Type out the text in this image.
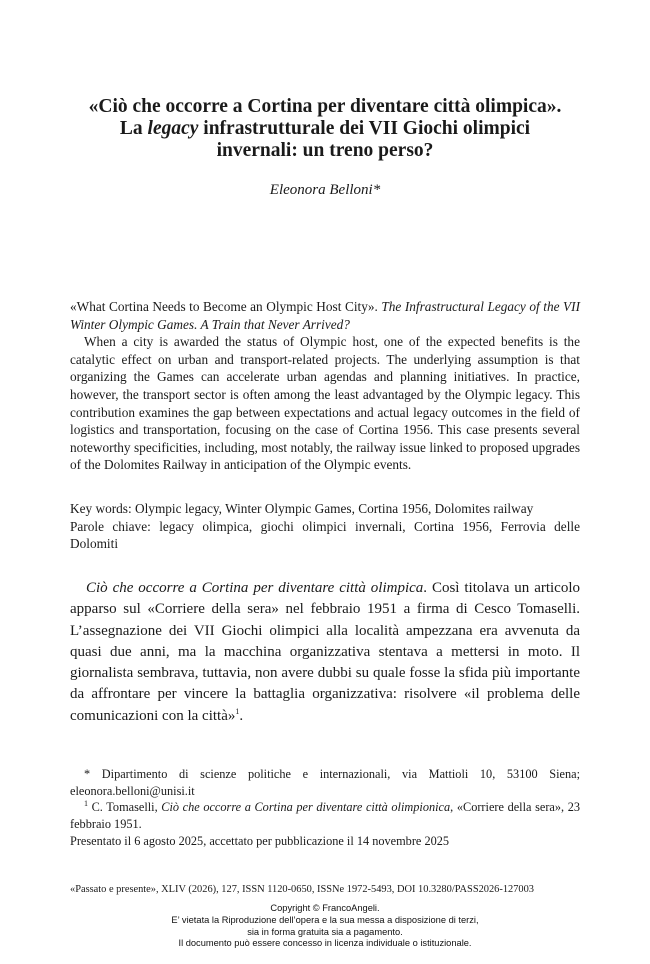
«Ciò che occorre a Cortina per diventare città olimpica».
La legacy infrastrutturale dei VII Giochi olimpici
invernali: un treno perso?
Eleonora Belloni*

«What Cortina Needs to Become an Olympic Host City». The Infrastructural Legacy of the VII Winter Olympic Games. A Train that Never Arrived?

When a city is awarded the status of Olympic host, one of the expected benefits is the catalytic effect on urban and transport-related projects. The underlying assumption is that organizing the Games can accelerate urban agendas and planning initiatives. In practice, however, the transport sector is often among the least advantaged by the Olympic legacy. This contribution examines the gap between expectations and actual legacy outcomes in the field of logistics and transportation, focusing on the case of Cortina 1956. This case presents several noteworthy specificities, including, most notably, the railway issue linked to proposed upgrades of the Dolomites Railway in anticipation of the Olympic events.

Key words: Olympic legacy, Winter Olympic Games, Cortina 1956, Dolomites railway

Parole chiave: legacy olimpica, giochi olimpici invernali, Cortina 1956, Ferrovia delle Dolomiti

Ciò che occorre a Cortina per diventare città olimpica. Così titolava un articolo apparso sul «Corriere della sera» nel febbraio 1951 a firma di Cesco Tomaselli. L’assegnazione dei VII Giochi olimpici alla località ampezzana era avvenuta da quasi due anni, ma la macchina organizzativa stentava a mettersi in moto. Il giornalista sembrava, tuttavia, non avere dubbi su quale fosse la sfida più importante da affrontare per vincere la battaglia organizzativa: risolvere «il problema delle comunicazioni con la città»$^1$.

* Dipartimento di scienze politiche e internazionali, via Mattioli 10, 53100 Siena; eleonora.belloni@unisi.it

$^1$ C. Tomaselli, Ciò che occorre a Cortina per diventare città olimpionica, «Corriere della sera», 23 febbraio 1951.

Presentato il 6 agosto 2025, accettato per pubblicazione il 14 novembre 2025
«Passato e presente», XLIV (2026), 127, ISSN 1120-0650, ISSNe 1972-5493, DOI 10.3280/PASS2026-127003
Copyright © FrancoAngeli.
E’ vietata la Riproduzione dell’opera e la sua messa a disposizione di terzi,
sia in forma gratuita sia a pagamento.
Il documento può essere concesso in licenza individuale o istituzionale.
